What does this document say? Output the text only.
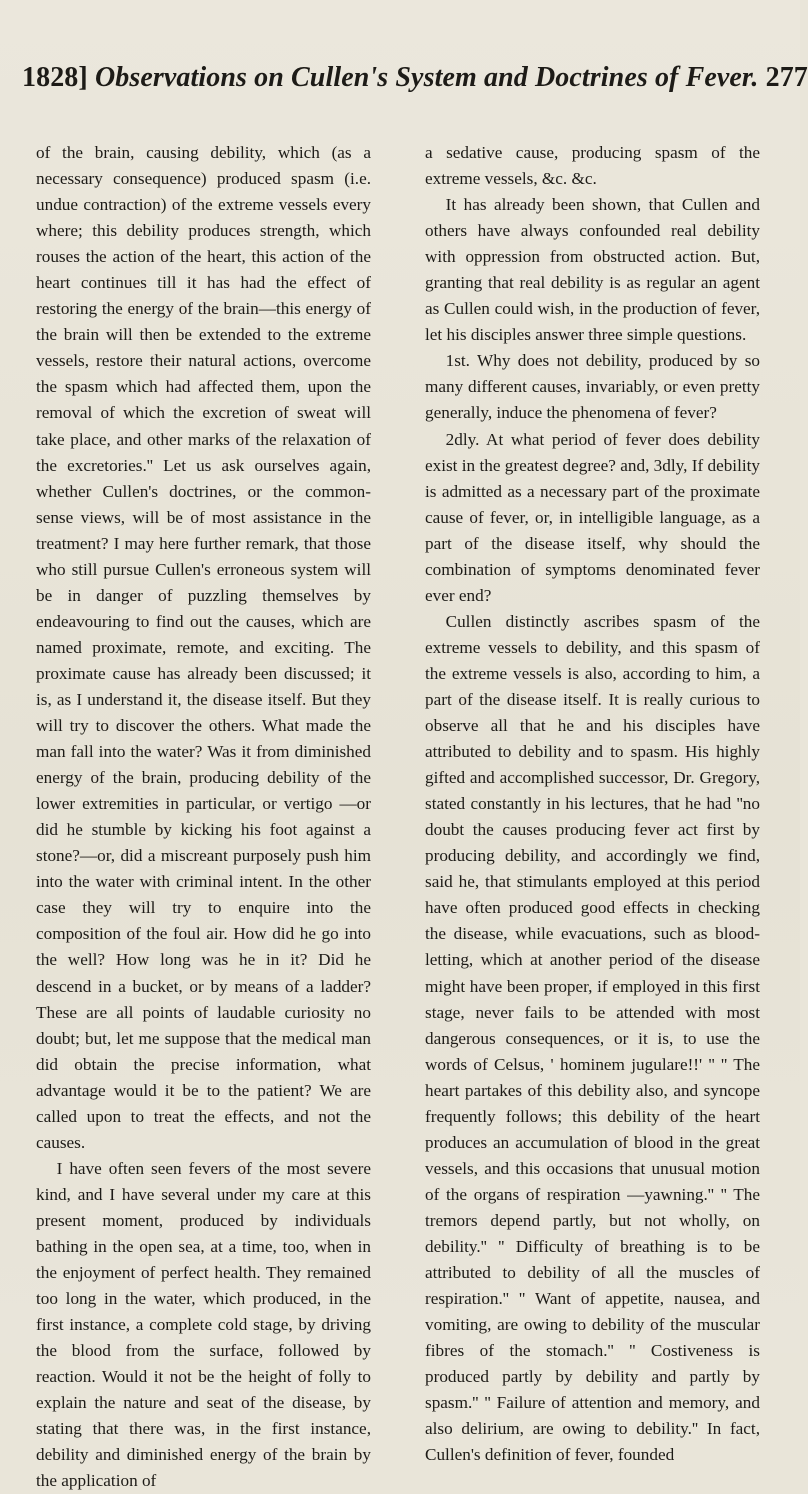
1828] Observations on Cullen's System and Doctrines of Fever. 277

of the brain, causing debility, which (as a necessary consequence) produced spasm (i.e. undue contraction) of the extreme vessels every where; this debility produces strength, which rouses the action of the heart, this action of the heart continues till it has had the effect of restoring the energy of the brain—this energy of the brain will then be extended to the extreme vessels, restore their natural actions, overcome the spasm which had affected them, upon the removal of which the excretion of sweat will take place, and other marks of the relaxation of the excretories.'' Let us ask ourselves again, whether Cullen's doctrines, or the common-sense views, will be of most assistance in the treatment? I may here further remark, that those who still pursue Cullen's erroneous system will be in danger of puzzling themselves by endeavouring to find out the causes, which are named proximate, remote, and exciting. The proximate cause has already been discussed; it is, as I understand it, the disease itself. But they will try to discover the others. What made the man fall into the water? Was it from diminished energy of the brain, producing debility of the lower extremities in particular, or vertigo —or did he stumble by kicking his foot against a stone?—or, did a miscreant purposely push him into the water with criminal intent. In the other case they will try to enquire into the composition of the foul air. How did he go into the well? How long was he in it? Did he descend in a bucket, or by means of a ladder? These are all points of laudable curiosity no doubt; but, let me suppose that the medical man did obtain the precise information, what advantage would it be to the patient? We are called upon to treat the effects, and not the causes.

I have often seen fevers of the most severe kind, and I have several under my care at this present moment, produced by individuals bathing in the open sea, at a time, too, when in the enjoyment of perfect health. They remained too long in the water, which produced, in the first instance, a complete cold stage, by driving the blood from the surface, followed by reaction. Would it not be the height of folly to explain the nature and seat of the disease, by stating that there was, in the first instance, debility and diminished energy of the brain by the application of

a sedative cause, producing spasm of the extreme vessels, &c. &c.

It has already been shown, that Cullen and others have always confounded real debility with oppression from obstructed action. But, granting that real debility is as regular an agent as Cullen could wish, in the production of fever, let his disciples answer three simple questions.

1st. Why does not debility, produced by so many different causes, invariably, or even pretty generally, induce the phenomena of fever?

2dly. At what period of fever does debility exist in the greatest degree? and, 3dly, If debility is admitted as a necessary part of the proximate cause of fever, or, in intelligible language, as a part of the disease itself, why should the combination of symptoms denominated fever ever end?

Cullen distinctly ascribes spasm of the extreme vessels to debility, and this spasm of the extreme vessels is also, according to him, a part of the disease itself. It is really curious to observe all that he and his disciples have attributed to debility and to spasm. His highly gifted and accomplished successor, Dr. Gregory, stated constantly in his lectures, that he had ''no doubt the causes producing fever act first by producing debility, and accordingly we find, said he, that stimulants employed at this period have often produced good effects in checking the disease, while evacuations, such as blood-letting, which at another period of the disease might have been proper, if employed in this first stage, never fails to be attended with most dangerous consequences, or it is, to use the words of Celsus, ' hominem jugulare!!' '' '' The heart partakes of this debility also, and syncope frequently follows; this debility of the heart produces an accumulation of blood in the great vessels, and this occasions that unusual motion of the organs of respiration —yawning.'' '' The tremors depend partly, but not wholly, on debility.'' '' Difficulty of breathing is to be attributed to debility of all the muscles of respiration.'' '' Want of appetite, nausea, and vomiting, are owing to debility of the muscular fibres of the stomach.'' '' Costiveness is produced partly by debility and partly by spasm.'' '' Failure of attention and memory, and also delirium, are owing to debility.'' In fact, Cullen's definition of fever, founded
